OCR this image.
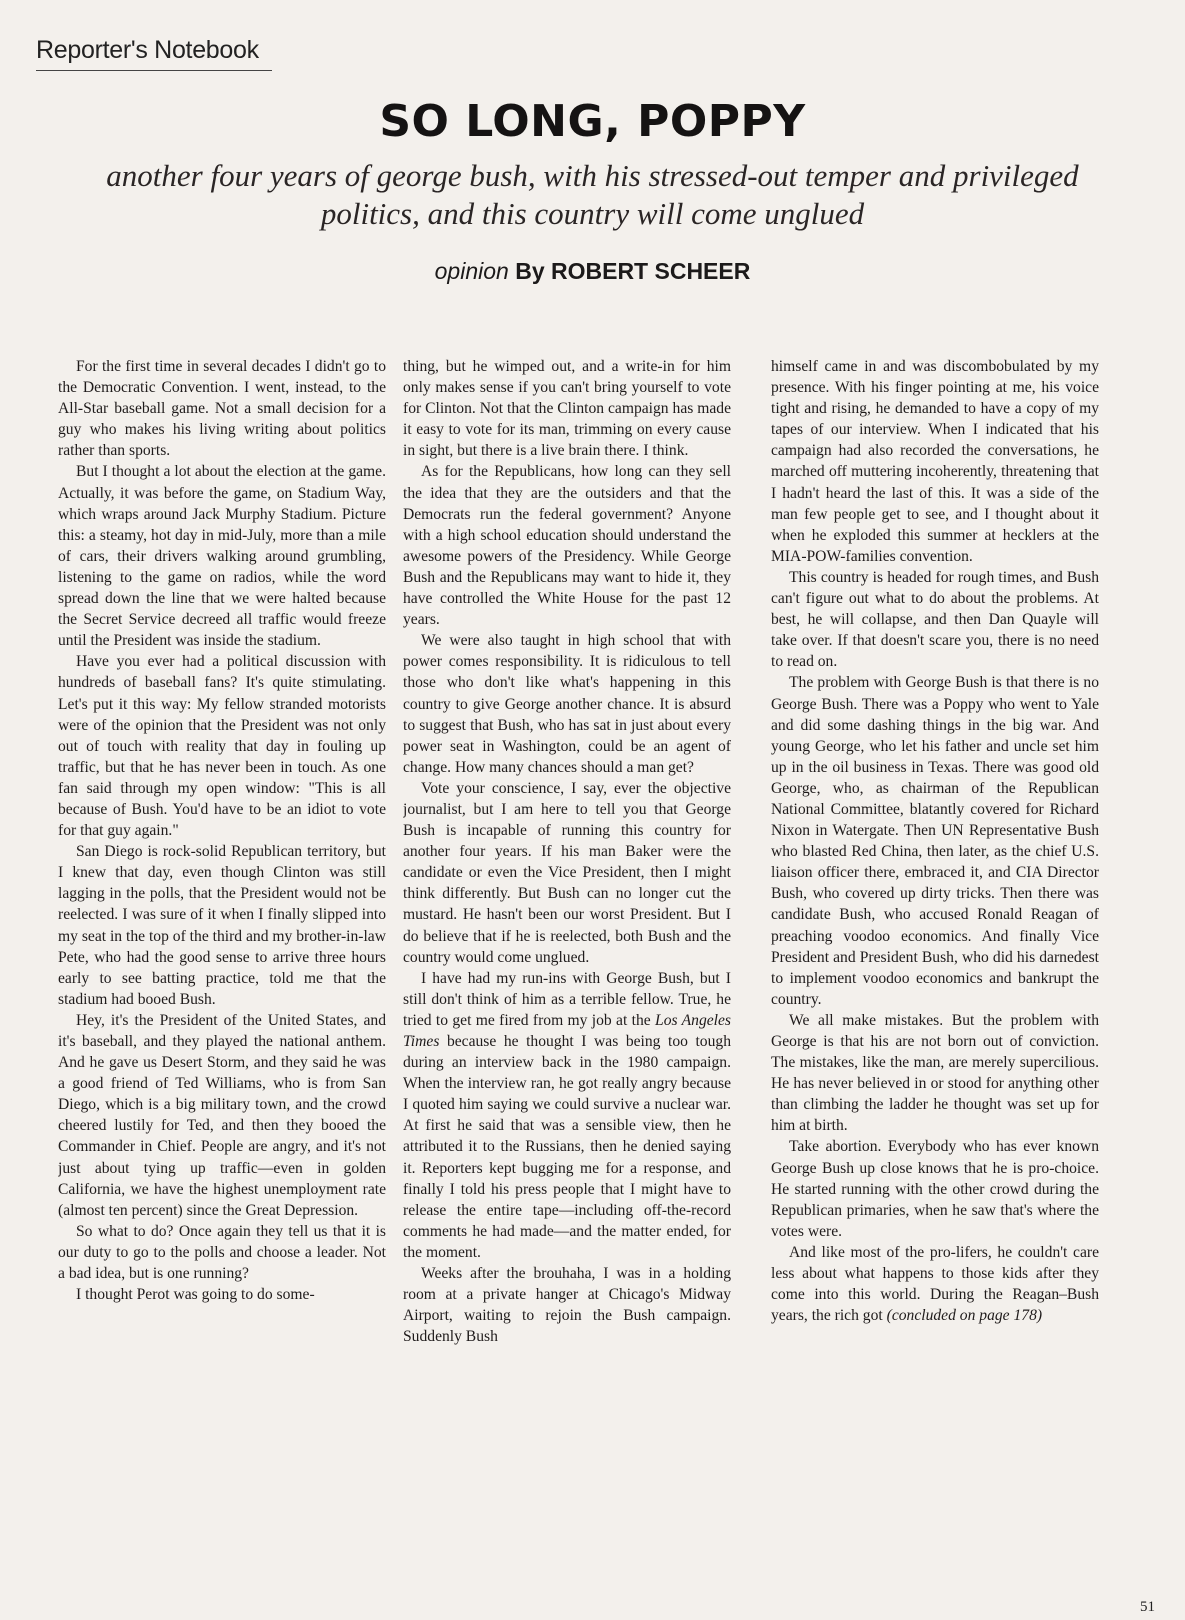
Reporter's Notebook
SO LONG, POPPY

another four years of george bush, with his stressed-out temper and privileged politics, and this country will come unglued

opinion By ROBERT SCHEER

For the first time in several decades I didn't go to the Democratic Convention. I went, instead, to the All-Star baseball game. Not a small decision for a guy who makes his living writing about politics rather than sports.

But I thought a lot about the election at the game. Actually, it was before the game, on Stadium Way, which wraps around Jack Murphy Stadium. Picture this: a steamy, hot day in mid-July, more than a mile of cars, their drivers walking around grumbling, listening to the game on radios, while the word spread down the line that we were halted because the Secret Service decreed all traffic would freeze until the President was inside the stadium.

Have you ever had a political discussion with hundreds of baseball fans? It's quite stimulating. Let's put it this way: My fellow stranded motorists were of the opinion that the President was not only out of touch with reality that day in fouling up traffic, but that he has never been in touch. As one fan said through my open window: "This is all because of Bush. You'd have to be an idiot to vote for that guy again."

San Diego is rock-solid Republican territory, but I knew that day, even though Clinton was still lagging in the polls, that the President would not be reelected. I was sure of it when I finally slipped into my seat in the top of the third and my brother-in-law Pete, who had the good sense to arrive three hours early to see batting practice, told me that the stadium had booed Bush.

Hey, it's the President of the United States, and it's baseball, and they played the national anthem. And he gave us Desert Storm, and they said he was a good friend of Ted Williams, who is from San Diego, which is a big military town, and the crowd cheered lustily for Ted, and then they booed the Commander in Chief. People are angry, and it's not just about tying up traffic—even in golden California, we have the highest unemployment rate (almost ten percent) since the Great Depression.

So what to do? Once again they tell us that it is our duty to go to the polls and choose a leader. Not a bad idea, but is one running?

I thought Perot was going to do some-

thing, but he wimped out, and a write-in for him only makes sense if you can't bring yourself to vote for Clinton. Not that the Clinton campaign has made it easy to vote for its man, trimming on every cause in sight, but there is a live brain there. I think.

As for the Republicans, how long can they sell the idea that they are the outsiders and that the Democrats run the federal government? Anyone with a high school education should understand the awesome powers of the Presidency. While George Bush and the Republicans may want to hide it, they have controlled the White House for the past 12 years.

We were also taught in high school that with power comes responsibility. It is ridiculous to tell those who don't like what's happening in this country to give George another chance. It is absurd to suggest that Bush, who has sat in just about every power seat in Washington, could be an agent of change. How many chances should a man get?

Vote your conscience, I say, ever the objective journalist, but I am here to tell you that George Bush is incapable of running this country for another four years. If his man Baker were the candidate or even the Vice President, then I might think differently. But Bush can no longer cut the mustard. He hasn't been our worst President. But I do believe that if he is reelected, both Bush and the country would come unglued.

I have had my run-ins with George Bush, but I still don't think of him as a terrible fellow. True, he tried to get me fired from my job at the Los Angeles Times because he thought I was being too tough during an interview back in the 1980 campaign. When the interview ran, he got really angry because I quoted him saying we could survive a nuclear war. At first he said that was a sensible view, then he attributed it to the Russians, then he denied saying it. Reporters kept bugging me for a response, and finally I told his press people that I might have to release the entire tape—including off-the-record comments he had made—and the matter ended, for the moment.

Weeks after the brouhaha, I was in a holding room at a private hanger at Chicago's Midway Airport, waiting to rejoin the Bush campaign. Suddenly Bush

himself came in and was discombobulated by my presence. With his finger pointing at me, his voice tight and rising, he demanded to have a copy of my tapes of our interview. When I indicated that his campaign had also recorded the conversations, he marched off muttering incoherently, threatening that I hadn't heard the last of this. It was a side of the man few people get to see, and I thought about it when he exploded this summer at hecklers at the MIA-POW-families convention.

This country is headed for rough times, and Bush can't figure out what to do about the problems. At best, he will collapse, and then Dan Quayle will take over. If that doesn't scare you, there is no need to read on.

The problem with George Bush is that there is no George Bush. There was a Poppy who went to Yale and did some dashing things in the big war. And young George, who let his father and uncle set him up in the oil business in Texas. There was good old George, who, as chairman of the Republican National Committee, blatantly covered for Richard Nixon in Watergate. Then UN Representative Bush who blasted Red China, then later, as the chief U.S. liaison officer there, embraced it, and CIA Director Bush, who covered up dirty tricks. Then there was candidate Bush, who accused Ronald Reagan of preaching voodoo economics. And finally Vice President and President Bush, who did his darnedest to implement voodoo economics and bankrupt the country.

We all make mistakes. But the problem with George is that his are not born out of conviction. The mistakes, like the man, are merely supercilious. He has never believed in or stood for anything other than climbing the ladder he thought was set up for him at birth.

Take abortion. Everybody who has ever known George Bush up close knows that he is pro-choice. He started running with the other crowd during the Republican primaries, when he saw that's where the votes were.

And like most of the pro-lifers, he couldn't care less about what happens to those kids after they come into this world. During the Reagan–Bush years, the rich got (concluded on page 178)

51
